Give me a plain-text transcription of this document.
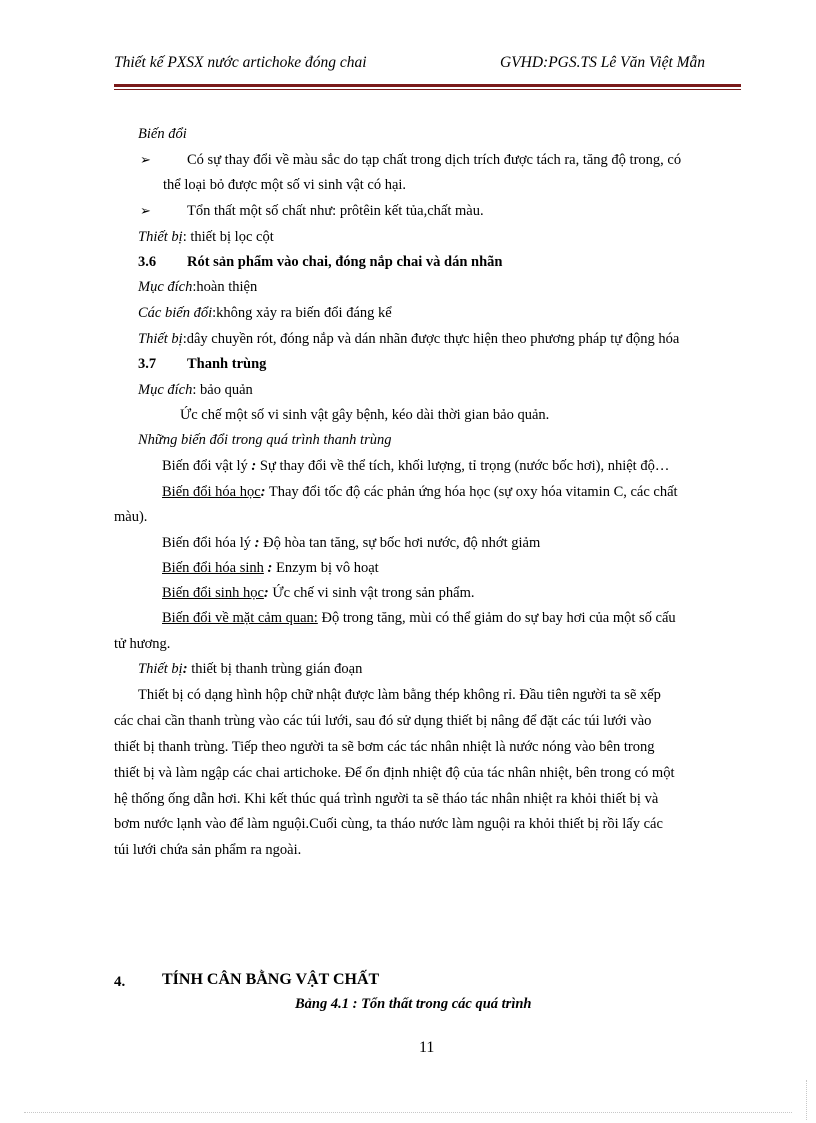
Thiết kế PXSX nước artichoke đóng chai	GVHD:PGS.TS Lê Văn Việt Mẫn
Biến đổi
➢ Có sự thay đổi về màu sắc do tạp chất trong dịch trích được tách ra, tăng độ trong, có
thể loại bỏ được một số vi sinh vật có hại.
➢ Tổn thất một số chất như: prôtêin kết tủa,chất màu.
Thiết bị: thiết bị lọc cột
3.6 Rót sản phẩm vào chai, đóng nắp chai và dán nhãn
Mục đích:hoàn thiện
Các biến đổi:không xảy ra biến đổi đáng kể
Thiết bị:dây chuyền rót, đóng nắp và dán nhãn được thực hiện theo phương pháp tự động hóa
3.7 Thanh trùng
Mục đích: bảo quản
Ức chế một số vi sinh vật gây bệnh, kéo dài thời gian bảo quản.
Những biến đổi trong quá trình thanh trùng
Biến đổi vật lý : Sự thay đổi về thể tích, khối lượng, tỉ trọng (nước bốc hơi), nhiệt độ…
Biến đổi hóa học: Thay đổi tốc độ các phản ứng hóa học (sự oxy hóa vitamin C, các chất
màu).
Biến đổi hóa lý : Độ hòa tan tăng, sự bốc hơi nước, độ nhớt giảm
Biến đổi hóa sinh : Enzym bị vô hoạt
Biến đổi sinh học: Ức chế vi sinh vật trong sản phẩm.
Biến đổi về mặt cảm quan: Độ trong tăng, mùi có thể giảm do sự bay hơi của một số cấu
tử hương.
Thiết bị: thiết bị thanh trùng gián đoạn
Thiết bị có dạng hình hộp chữ nhật được làm bằng thép không rỉ. Đầu tiên người ta sẽ xếp
các chai cần thanh trùng vào các túi lưới, sau đó sử dụng thiết bị nâng để đặt các túi lưới vào
thiết bị thanh trùng. Tiếp theo người ta sẽ bơm các tác nhân nhiệt là nước nóng vào bên trong
thiết bị và làm ngập các chai artichoke. Để ổn định nhiệt độ của tác nhân nhiệt, bên trong có một
hệ thống ống dẫn hơi. Khi kết thúc quá trình người ta sẽ tháo tác nhân nhiệt ra khỏi thiết bị và
bơm nước lạnh vào để làm nguội.Cuối cùng, ta tháo nước làm nguội ra khỏi thiết bị rồi lấy các
túi lưới chứa sản phẩm ra ngoài.
4. TÍNH CÂN BẰNG VẬT CHẤT
Bảng 4.1 : Tổn thất trong các quá trình
11
